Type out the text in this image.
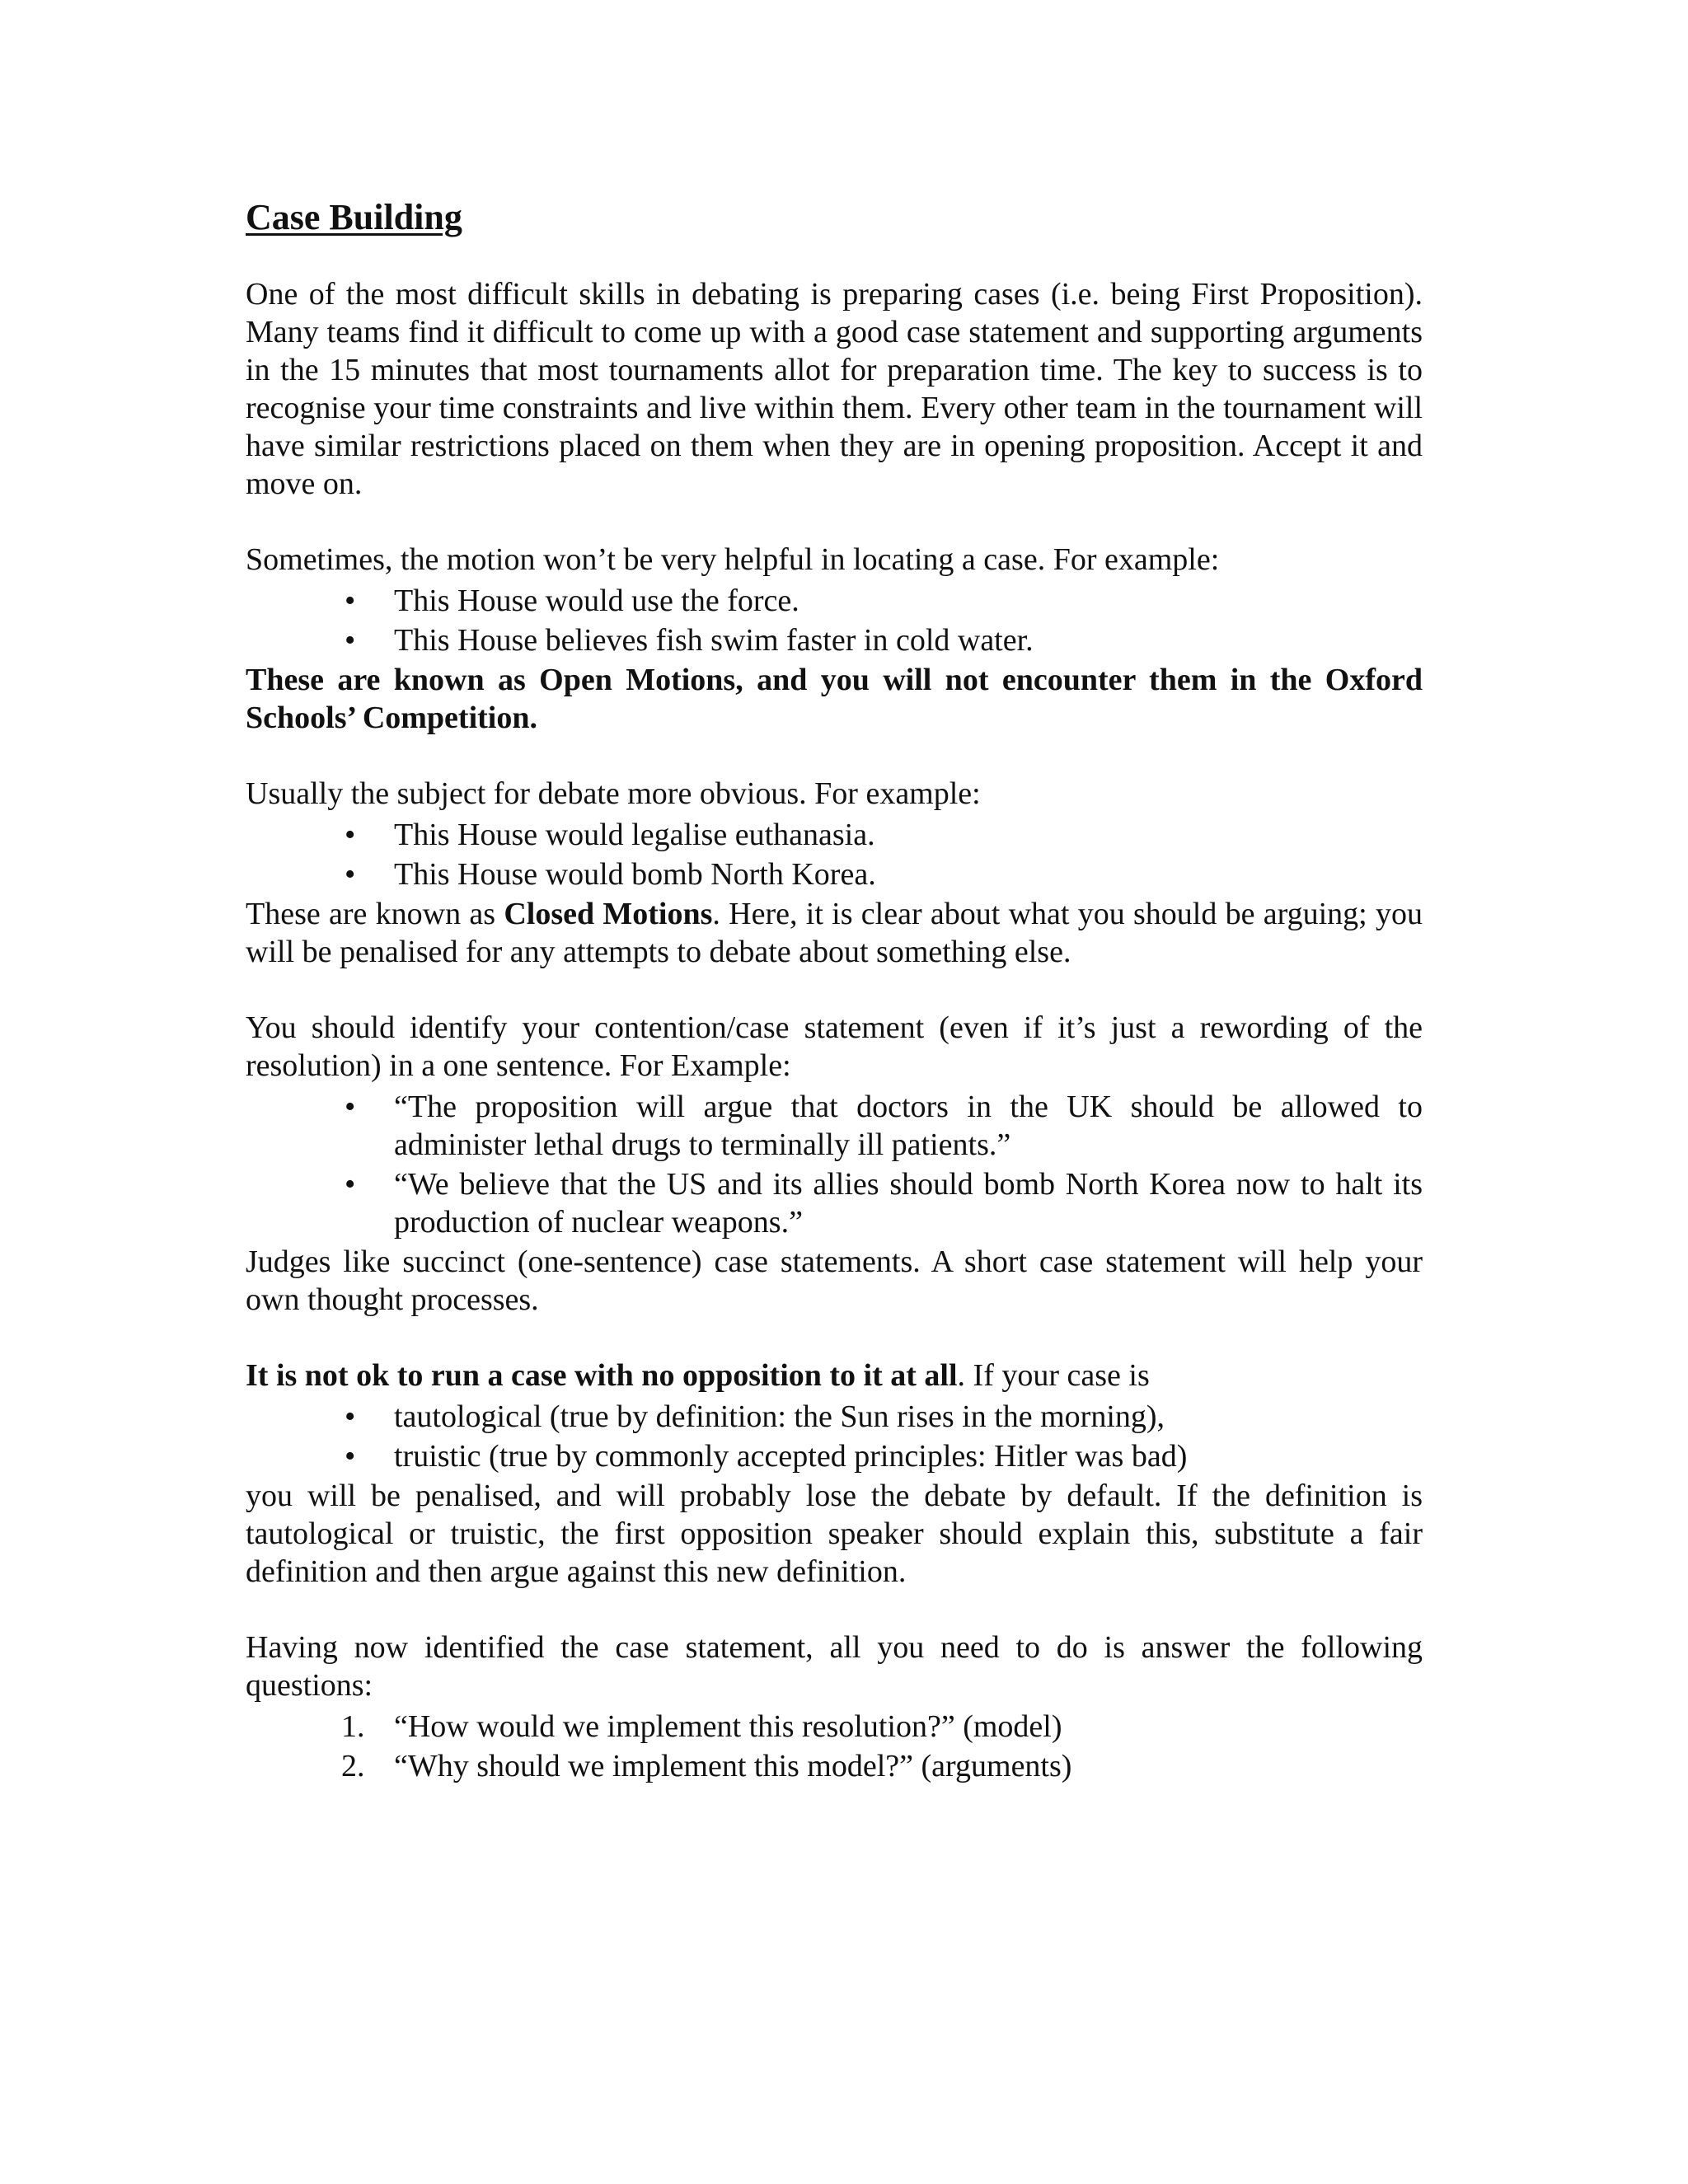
Case Building

One of the most difficult skills in debating is preparing cases (i.e. being First Proposition). Many teams find it difficult to come up with a good case statement and supporting arguments in the 15 minutes that most tournaments allot for preparation time. The key to success is to recognise your time constraints and live within them. Every other team in the tournament will have similar restrictions placed on them when they are in opening proposition. Accept it and move on.

Sometimes, the motion won’t be very helpful in locating a case. For example:

• This House would use the force.
• This House believes fish swim faster in cold water.

These are known as Open Motions, and you will not encounter them in the Oxford Schools’ Competition.

Usually the subject for debate more obvious. For example:

• This House would legalise euthanasia.
• This House would bomb North Korea.

These are known as Closed Motions. Here, it is clear about what you should be arguing; you will be penalised for any attempts to debate about something else.

You should identify your contention/case statement (even if it’s just a rewording of the resolution) in a one sentence. For Example:

• “The proposition will argue that doctors in the UK should be allowed to administer lethal drugs to terminally ill patients.”
• “We believe that the US and its allies should bomb North Korea now to halt its production of nuclear weapons.”

Judges like succinct (one-sentence) case statements. A short case statement will help your own thought processes.

It is not ok to run a case with no opposition to it at all. If your case is

• tautological (true by definition: the Sun rises in the morning),
• truistic (true by commonly accepted principles: Hitler was bad)

you will be penalised, and will probably lose the debate by default. If the definition is tautological or truistic, the first opposition speaker should explain this, substitute a fair definition and then argue against this new definition.

Having now identified the case statement, all you need to do is answer the following questions:

1. “How would we implement this resolution?” (model)
2. “Why should we implement this model?” (arguments)
